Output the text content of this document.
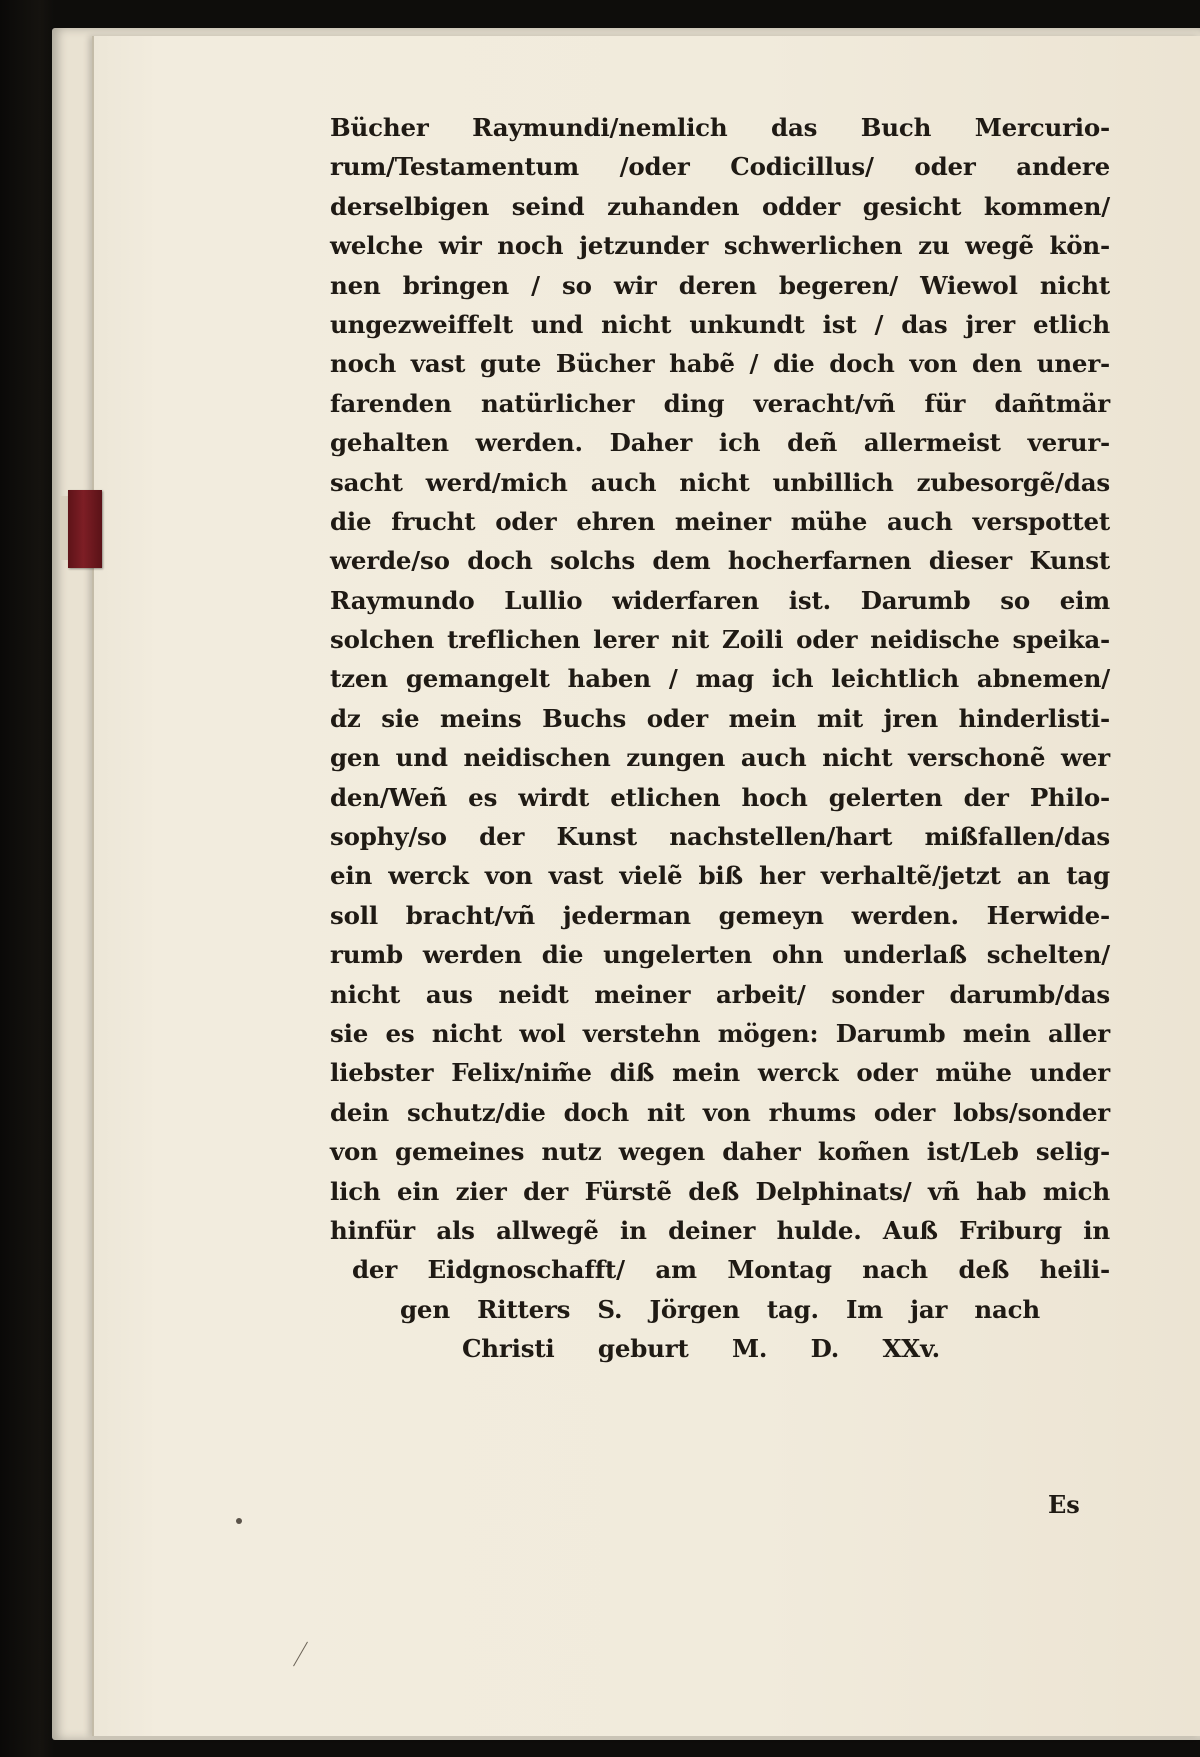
Bücher Raymundi/nemlich das Buch Mercurio-
rum/Testamentum /oder Codicillus/ oder andere
derselbigen seind zuhanden odder gesicht kommen/
welche wir noch jetzunder schwerlichen zu wegẽ kön-
nen bringen / so wir deren begeren/ Wiewol nicht
ungezweiffelt und nicht unkundt ist / das jrer etlich
noch vast gute Bücher habẽ / die doch von den uner-
farenden natürlicher ding veracht/vñ für dañtmär
gehalten werden. Daher ich deñ allermeist verur-
sacht werd/mich auch nicht unbillich zubesorgẽ/das
die frucht oder ehren meiner mühe auch verspottet
werde/so doch solchs dem hocherfarnen dieser Kunst
Raymundo Lullio widerfaren ist. Darumb so eim
solchen treflichen lerer nit Zoili oder neidische speika-
tzen gemangelt haben / mag ich leichtlich abnemen/
dz sie meins Buchs oder mein mit jren hinderlisti-
gen und neidischen zungen auch nicht verschonẽ wer
den/Weñ es wirdt etlichen hoch gelerten der Philo-
sophy/so der Kunst nachstellen/hart mißfallen/das
ein werck von vast vielẽ biß her verhaltẽ/jetzt an tag
soll bracht/vñ jederman gemeyn werden. Herwide-
rumb werden die ungelerten ohn underlaß schelten/
nicht aus neidt meiner arbeit/ sonder darumb/das
sie es nicht wol verstehn mögen: Darumb mein aller
liebster Felix/nim̃e diß mein werck oder mühe under
dein schutz/die doch nit von rhums oder lobs/sonder
von gemeines nutz wegen daher kom̃en ist/Leb selig-
lich ein zier der Fürstẽ deß Delphinats/ vñ hab mich
hinfür als allwegẽ in deiner hulde. Auß Friburg in
der Eidgnoschafft/ am Montag nach deß heili-
gen Ritters S. Jörgen tag. Im jar nach
Christi geburt M. D. XXv.

Es
